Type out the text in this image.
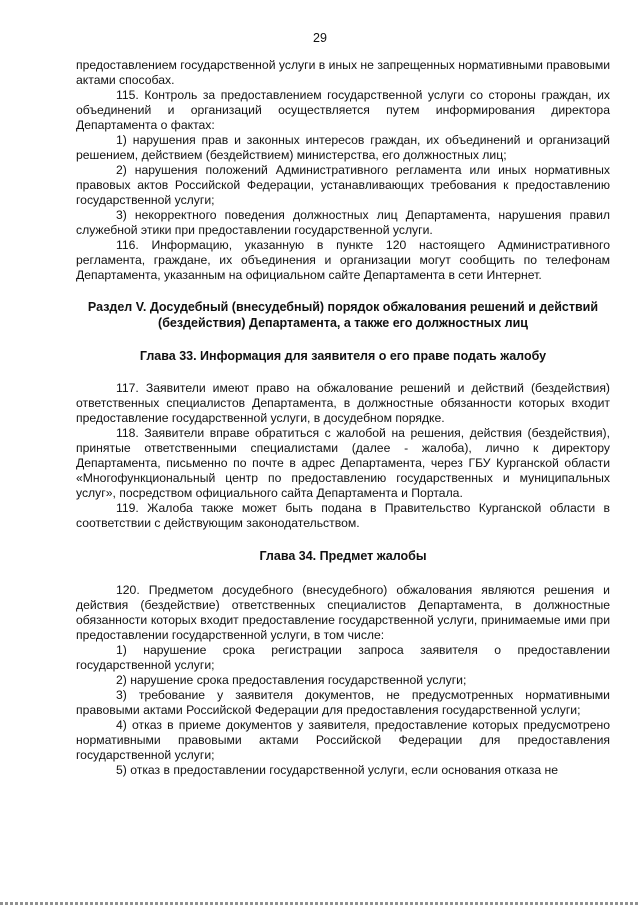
29

предоставлением государственной услуги в иных не запрещенных нормативными правовыми актами способах.

115. Контроль за предоставлением государственной услуги со стороны граждан, их объединений и организаций осуществляется путем информирования директора Департамента о фактах:

1) нарушения прав и законных интересов граждан, их объединений и организаций решением, действием (бездействием) министерства, его должностных лиц;

2) нарушения положений Административного регламента или иных нормативных правовых актов Российской Федерации, устанавливающих требования к предоставлению государственной услуги;

3) некорректного поведения должностных лиц Департамента, нарушения правил служебной этики при предоставлении государственной услуги.

116. Информацию, указанную в пункте 120 настоящего Административного регламента, граждане, их объединения и организации могут сообщить по телефонам Департамента, указанным на официальном сайте Департамента в сети Интернет.

Раздел V. Досудебный (внесудебный) порядок обжалования решений и действий (бездействия) Департамента, а также его должностных лиц
Глава 33. Информация для заявителя о его праве подать жалобу

117. Заявители имеют право на обжалование решений и действий (бездействия) ответственных специалистов Департамента, в должностные обязанности которых входит предоставление государственной услуги, в досудебном порядке.

118. Заявители вправе обратиться с жалобой на решения, действия (бездействия), принятые ответственными специалистами (далее - жалоба), лично к директору Департамента, письменно по почте в адрес Департамента, через ГБУ Курганской области «Многофункциональный центр по предоставлению государственных и муниципальных услуг», посредством официального сайта Департамента и Портала.

119. Жалоба также может быть подана в Правительство Курганской области в соответствии с действующим законодательством.

Глава 34. Предмет жалобы

120. Предметом досудебного (внесудебного) обжалования являются решения и действия (бездействие) ответственных специалистов Департамента, в должностные обязанности которых входит предоставление государственной услуги, принимаемые ими при предоставлении государственной услуги, в том числе:

1) нарушение срока регистрации запроса заявителя о предоставлении государственной услуги;

2) нарушение срока предоставления государственной услуги;

3) требование у заявителя документов, не предусмотренных нормативными правовыми актами Российской Федерации для предоставления государственной услуги;

4) отказ в приеме документов у заявителя, предоставление которых предусмотрено нормативными правовыми актами Российской Федерации для предоставления государственной услуги;

5) отказ в предоставлении государственной услуги, если основания отказа не
